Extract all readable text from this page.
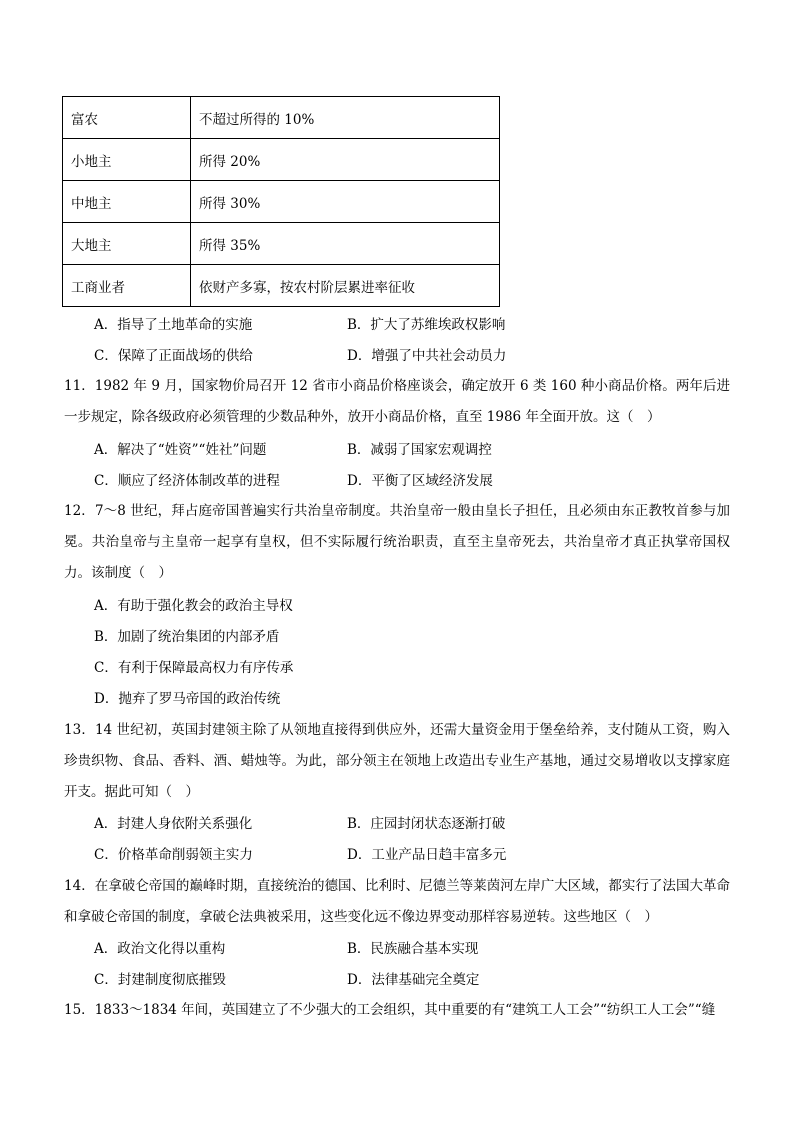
富农	不超过所得的 10%
小地主	所得 20%
中地主	所得 30%
大地主	所得 35%
工商业者	依财产多寡，按农村阶层累进率征收
A．指导了土地革命的实施	B．扩大了苏维埃政权影响
C．保障了正面战场的供给	D．增强了中共社会动员力
11．1982 年 9 月，国家物价局召开 12 省市小商品价格座谈会，确定放开 6 类 160 种小商品价格。两年后进一步规定，除各级政府必须管理的少数品种外，放开小商品价格，直至 1986 年全面开放。这（　）
A．解决了“姓资”“姓社”问题	B．减弱了国家宏观调控
C．顺应了经济体制改革的进程	D．平衡了区域经济发展
12．7～8 世纪，拜占庭帝国普遍实行共治皇帝制度。共治皇帝一般由皇长子担任，且必须由东正教牧首参与加冕。共治皇帝与主皇帝一起享有皇权，但不实际履行统治职责，直至主皇帝死去，共治皇帝才真正执掌帝国权力。该制度（　）
A．有助于强化教会的政治主导权
B．加剧了统治集团的内部矛盾
C．有利于保障最高权力有序传承
D．抛弃了罗马帝国的政治传统
13．14 世纪初，英国封建领主除了从领地直接得到供应外，还需大量资金用于堡垒给养，支付随从工资，购入珍贵织物、食品、香料、酒、蜡烛等。为此，部分领主在领地上改造出专业生产基地，通过交易增收以支撑家庭开支。据此可知（　）
A．封建人身依附关系强化	B．庄园封闭状态逐渐打破
C．价格革命削弱领主实力	D．工业产品日趋丰富多元
14．在拿破仑帝国的巅峰时期，直接统治的德国、比利时、尼德兰等莱茵河左岸广大区域，都实行了法国大革命和拿破仑帝国的制度，拿破仑法典被采用，这些变化远不像边界变动那样容易逆转。这些地区（　）
A．政治文化得以重构	B．民族融合基本实现
C．封建制度彻底摧毁	D．法律基础完全奠定
15．1833～1834 年间，英国建立了不少强大的工会组织，其中重要的有“建筑工人工会”“纺织工人工会”“缝
